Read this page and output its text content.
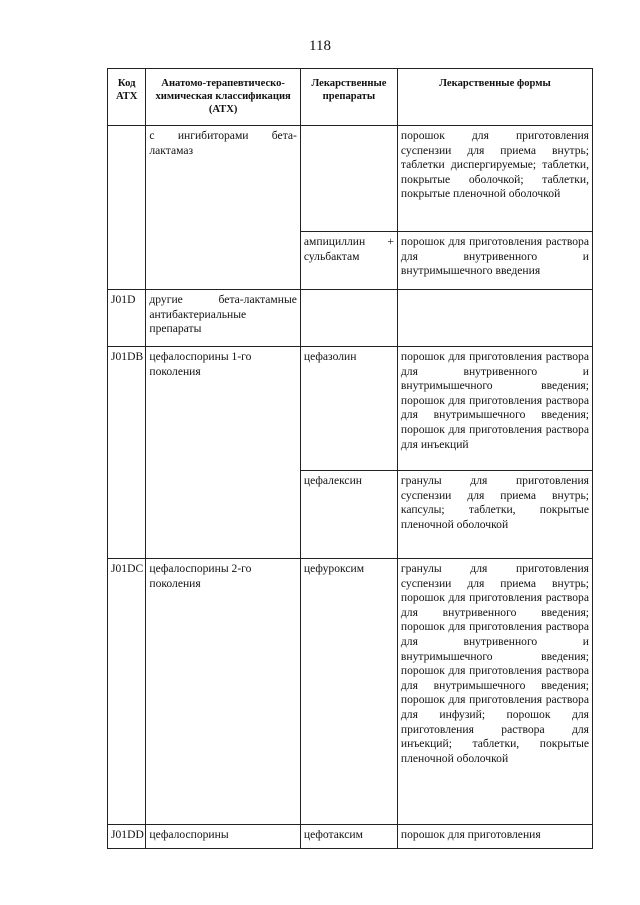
118
Код АТХ	Анатомо-терапевтическо-химическая классификация (АТХ)	Лекарственные препараты	Лекарственные формы
	с ингибиторами бета-лактамаз		порошок для приготовления суспензии для приема внутрь; таблетки диспергируемые; таблетки, покрытые оболочкой; таблетки, покрытые пленочной оболочкой
		ампициллин + сульбактам	порошок для приготовления раствора для внутривенного и внутримышечного введения
J01D	другие бета-лактамные антибактериальные препараты		
J01DB	цефалоспорины 1-го поколения	цефазолин	порошок для приготовления раствора для внутривенного и внутримышечного введения; порошок для приготовления раствора для внутримышечного введения; порошок для приготовления раствора для инъекций
		цефалексин	гранулы для приготовления суспензии для приема внутрь; капсулы; таблетки, покрытые пленочной оболочкой
J01DC	цефалоспорины 2-го поколения	цефуроксим	гранулы для приготовления суспензии для приема внутрь; порошок для приготовления раствора для внутривенного введения; порошок для приготовления раствора для внутривенного и внутримышечного введения; порошок для приготовления раствора для внутримышечного введения; порошок для приготовления раствора для инфузий; порошок для приготовления раствора для инъекций; таблетки, покрытые пленочной оболочкой
J01DD	цефалоспорины	цефотаксим	порошок для приготовления
